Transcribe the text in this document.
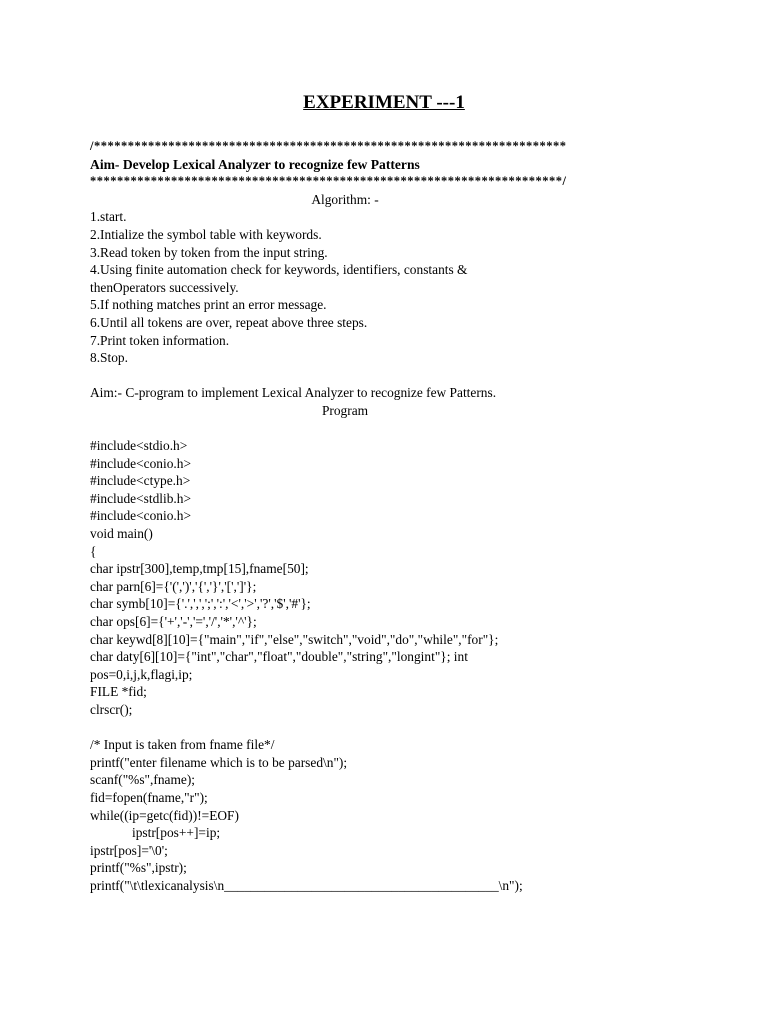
EXPERIMENT ---1
/**********************************************************************
Aim- Develop Lexical Analyzer to recognize few Patterns
**********************************************************************/
Algorithm: -
1.start.
2.Intialize the symbol table with keywords.
3.Read token by token from the input string.
4.Using finite automation check for keywords, identifiers, constants &
thenOperators successively.
5.If nothing matches print an error message.
6.Until all tokens are over, repeat above three steps.
7.Print token information.
8.Stop.
Aim:- C-program to implement Lexical Analyzer to recognize few Patterns.
Program
#include<stdio.h>
#include<conio.h>
#include<ctype.h>
#include<stdlib.h>
#include<conio.h>
void main()
{
char ipstr[300],temp,tmp[15],fname[50];
char parn[6]={'(',')','{','}','[',']'};
char symb[10]={'.',',',';',':','<','>','?','$','#'};
char ops[6]={'+','-','=','/','*','^'};
char keywd[8][10]={"main","if","else","switch","void","do","while","for"};
char daty[6][10]={"int","char","float","double","string","longint"}; int
pos=0,i,j,k,flagi,ip;
FILE *fid;
clrscr();
/* Input is taken from fname file*/
printf("enter filename which is to be parsed\n");
scanf("%s",fname);
fid=fopen(fname,"r");
while((ip=getc(fid))!=EOF)
ipstr[pos++]=ip;
ipstr[pos]='\0';
printf("%s",ipstr);
printf("\t\tlexicanalysis\n_________________________________________\n");
